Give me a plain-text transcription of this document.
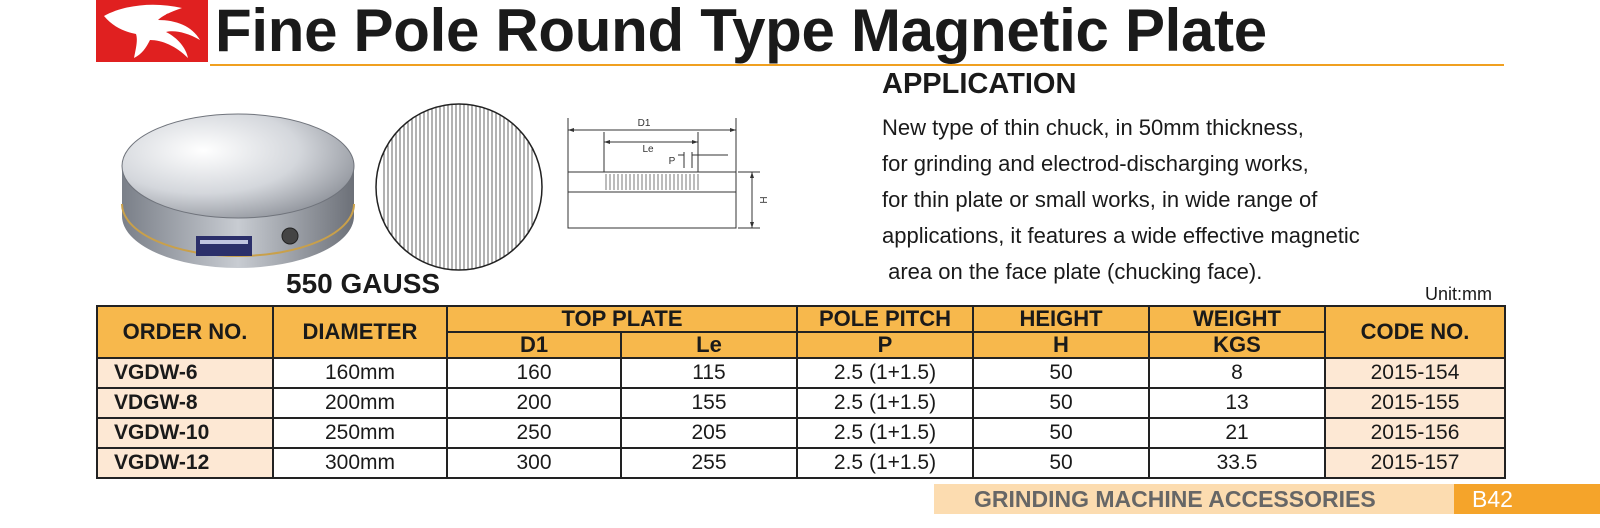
Fine Pole Round Type Magnetic Plate
D1
Le
P
H
550 GAUSS
APPLICATION
New type of thin chuck, in 50mm thickness,
for grinding and electrod-discharging works,
for thin plate or small works, in wide range of
applications, it features a wide effective magnetic
area on the face plate (chucking face).
Unit:mm
ORDER NO.	DIAMETER	TOP PLATE		POLE PITCH	HEIGHT	WEIGHT	CODE NO.
		D1	Le	P	H	KGS	
VGDW-6	160mm	160	115	2.5 (1+1.5)	50	8	2015-154
VDGW-8	200mm	200	155	2.5 (1+1.5)	50	13	2015-155
VGDW-10	250mm	250	205	2.5 (1+1.5)	50	21	2015-156
VGDW-12	300mm	300	255	2.5 (1+1.5)	50	33.5	2015-157
GRINDING MACHINE ACCESSORIES	B42
